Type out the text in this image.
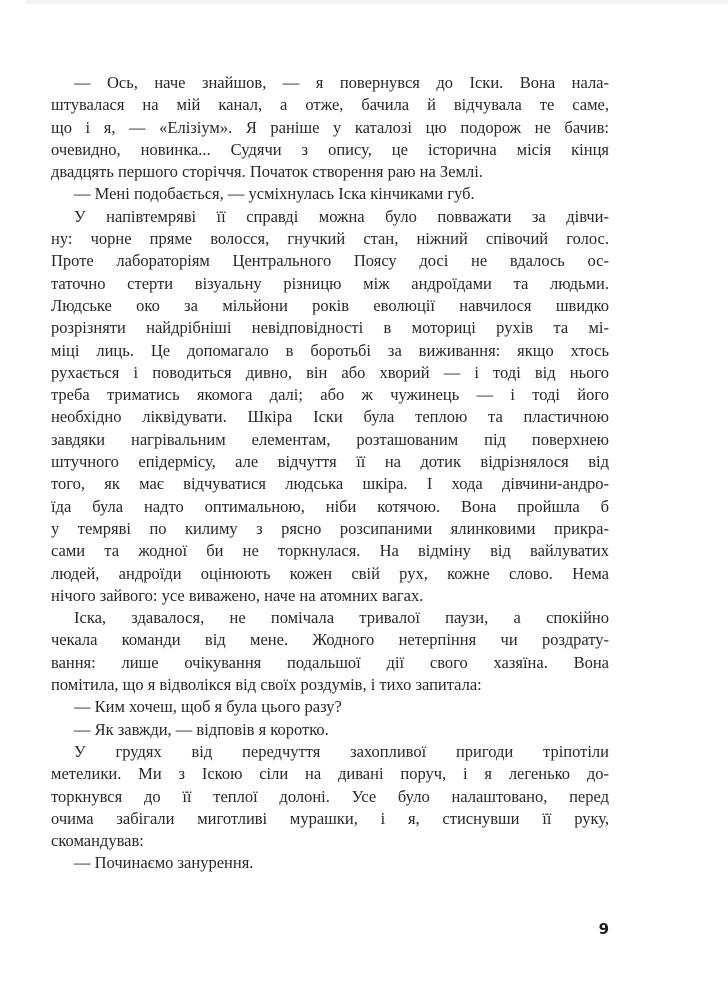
— Ось, наче знайшов, — я повернувся до Іски. Вона нала-
штувалася на мій канал, а отже, бачила й відчувала те саме,
що і я, — «Елізіум». Я раніше у каталозі цю подорож не бачив:
очевидно, новинка... Судячи з опису, це історична місія кінця
двадцять першого сторіччя. Початок створення раю на Землі.
— Мені подобається, — усміхнулась Іска кінчиками губ.
У напівтемряві її справді можна було повважати за дівчи-
ну: чорне пряме волосся, гнучкий стан, ніжний співочий голос.
Проте лабораторіям Центрального Поясу досі не вдалось ос-
таточно стерти візуальну різницю між андроїдами та людьми.
Людське око за мільйони років еволюції навчилося швидко
розрізняти найдрібніші невідповідності в моториці рухів та мі-
міці лиць. Це допомагало в боротьбі за виживання: якщо хтось
рухається і поводиться дивно, він або хворий — і тоді від нього
треба триматись якомога далі; або ж чужинець — і тоді його
необхідно ліквідувати. Шкіра Іски була теплою та пластичною
завдяки нагрівальним елементам, розташованим під поверхнею
штучного епідермісу, але відчуття її на дотик відрізнялося від
того, як має відчуватися людська шкіра. І хода дівчини-андро-
їда була надто оптимальною, ніби котячою. Вона пройшла б
у темряві по килиму з рясно розсипаними ялинковими прикра-
сами та жодної би не торкнулася. На відміну від вайлуватих
людей, андроїди оцінюють кожен свій рух, кожне слово. Нема
нічого зайвого: усе виважено, наче на атомних вагах.
Іска, здавалося, не помічала тривалої паузи, а спокійно
чекала команди від мене. Жодного нетерпіння чи роздрату-
вання: лише очікування подальшої дії свого хазяїна. Вона
помітила, що я відволікся від своїх роздумів, і тихо запитала:
— Ким хочеш, щоб я була цього разу?
— Як завжди, — відповів я коротко.
У грудях від передчуття захопливої пригоди тріпотіли
метелики. Ми з Іскою сіли на дивані поруч, і я легенько до-
торкнувся до її теплої долоні. Усе було налаштовано, перед
очима забігали миготливі мурашки, і я, стиснувши її руку,
скомандував:
— Починаємо занурення.
9
